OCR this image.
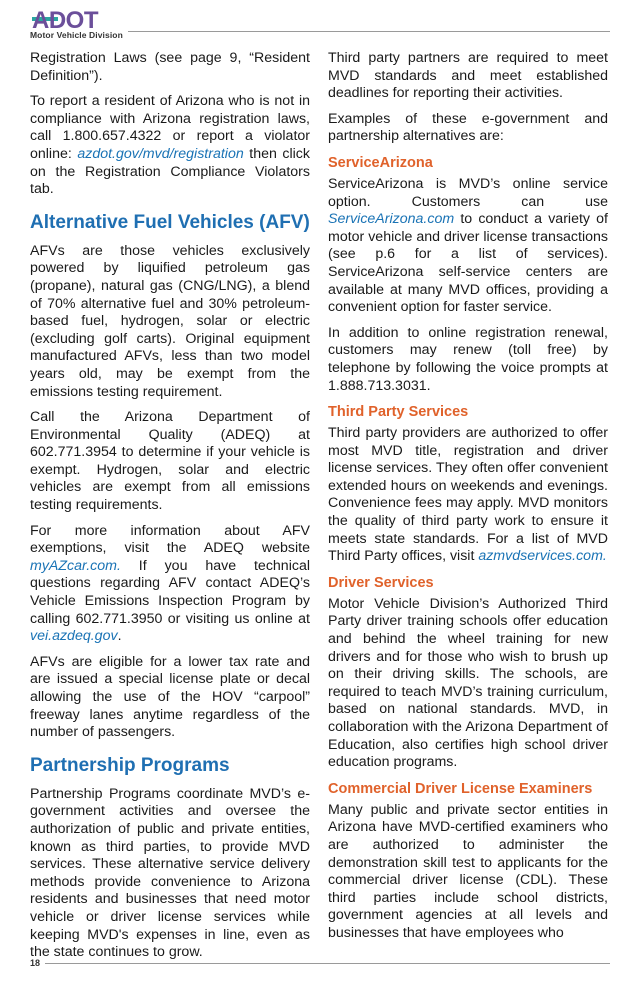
ADOT
Motor Vehicle Division

Registration Laws (see page 9, “Resident Definition”).

To report a resident of Arizona who is not in compliance with Arizona registration laws, call 1.800.657.4322 or report a violator online: azdot.gov/mvd/registration then click on the Registration Compliance Violators tab.

Alternative Fuel Vehicles (AFV)

AFVs are those vehicles exclusively powered by liquified petroleum gas (propane), natural gas (CNG/LNG), a blend of 70% alternative fuel and 30% petroleum-based fuel, hydrogen, solar or electric (excluding golf carts). Original equipment manufactured AFVs, less than two model years old, may be exempt from the emissions testing requirement.

Call the Arizona Department of Environmental Quality (ADEQ) at 602.771.3954 to determine if your vehicle is exempt. Hydrogen, solar and electric vehicles are exempt from all emissions testing requirements.

For more information about AFV exemptions, visit the ADEQ website myAZcar.com. If you have technical questions regarding AFV contact ADEQ’s Vehicle Emissions Inspection Program by calling 602.771.3950 or visiting us online at vei.azdeq.gov.

AFVs are eligible for a lower tax rate and are issued a special license plate or decal allowing the use of the HOV “carpool” freeway lanes anytime regardless of the number of passengers.

Partnership Programs

Partnership Programs coordinate MVD’s e-government activities and oversee the authorization of public and private entities, known as third parties, to provide MVD services. These alternative service delivery methods provide convenience to Arizona residents and businesses that need motor vehicle or driver license services while keeping MVD's expenses in line, even as the state continues to grow.

Third party partners are required to meet MVD standards and meet established deadlines for reporting their activities.

Examples of these e-government and partnership alternatives are:

ServiceArizona

ServiceArizona is MVD’s online service option. Customers can use ServiceArizona.com to conduct a variety of motor vehicle and driver license transactions (see p.6 for a list of services). ServiceArizona self-service centers are available at many MVD offices, providing a convenient option for faster service.

In addition to online registration renewal, customers may renew (toll free) by telephone by following the voice prompts at 1.888.713.3031.

Third Party Services

Third party providers are authorized to offer most MVD title, registration and driver license services. They often offer convenient extended hours on weekends and evenings. Convenience fees may apply. MVD monitors the quality of third party work to ensure it meets state standards. For a list of MVD Third Party offices, visit azmvdservices.com.

Driver Services

Motor Vehicle Division’s Authorized Third Party driver training schools offer education and behind the wheel training for new drivers and for those who wish to brush up on their driving skills. The schools, are required to teach MVD’s training curriculum, based on national standards. MVD, in collaboration with the Arizona Department of Education, also certifies high school driver education programs.

Commercial Driver License Examiners

Many public and private sector entities in Arizona have MVD-certified examiners who are authorized to administer the demonstration skill test to applicants for the commercial driver license (CDL). These third parties include school districts, government agencies at all levels and businesses that have employees who

18
